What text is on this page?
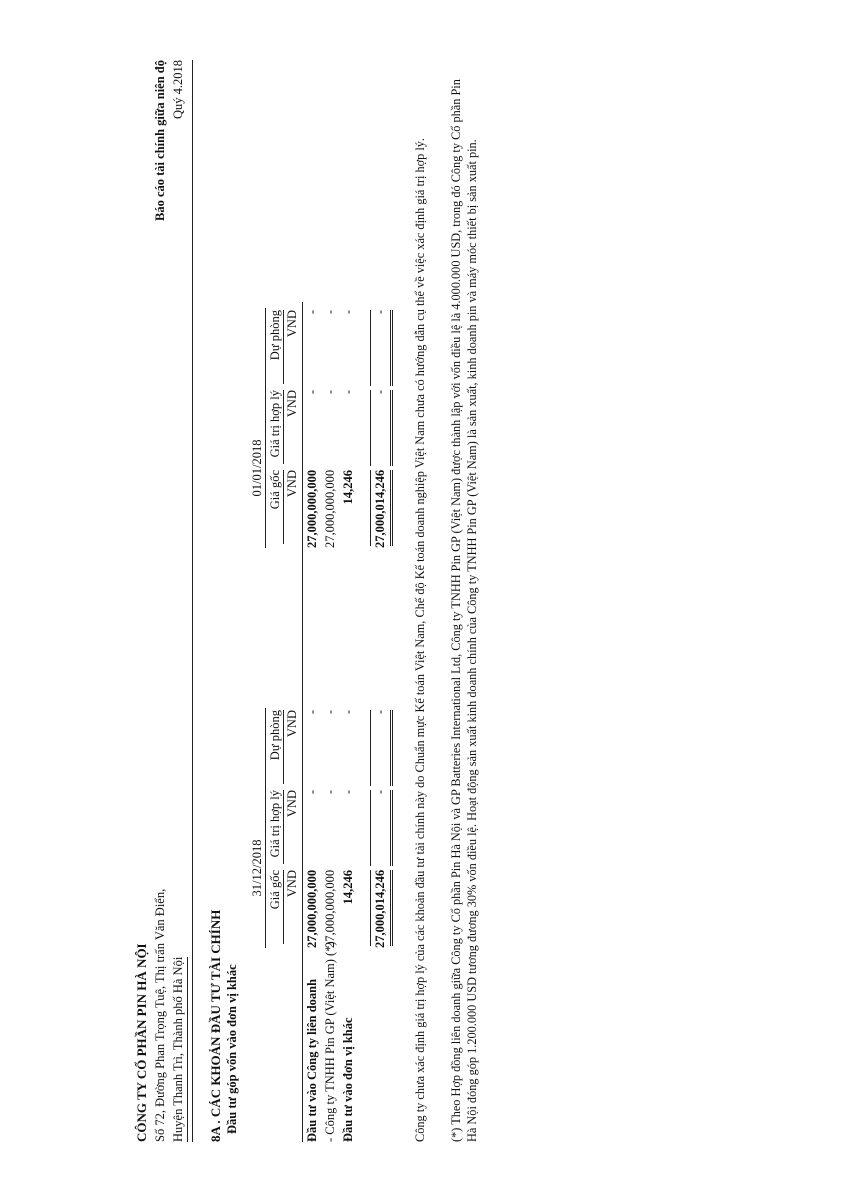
CÔNG TY CỔ PHẦN PIN HÀ NỘI Số 72, Đường Phan Trọng Tuệ, Thị trấn Văn Điển, Huyện Thanh Trì, Thành phố Hà Nội
Báo cáo tài chính giữa niên độ Quý 4.2018
8A . CÁC KHOẢN ĐẦU TƯ TÀI CHÍNH Đầu tư góp vốn vào đơn vị khác
31/12/2018
01/01/2018
Giá gốc VND
Giá trị hợp lý VND
Dự phòng VND
Giá gốc VND
Giá trị hợp lý VND
Dự phòng VND
Đầu tư vào Công ty liên doanh
27,000,000,000
-
-
27,000,000,000
-
-
- Công ty TNHH Pin GP (Việt Nam) (*)
27,000,000,000
-
-
27,000,000,000
-
-
Đầu tư vào đơn vị khác
14,246
-
-
14,246
-
-
27,000,014,246
-
-
27,000,014,246
-
- Công ty chưa xác định giá trị hợp lý của các khoản đầu tư tài chính này do Chuẩn mực Kế toán Việt Nam, Chế độ Kế toán doanh nghiệp Việt Nam chưa có hướng dẫn cụ thể về việc xác định giá trị hợp lý. (*) Theo Hợp đồng liên doanh giữa Công ty Cổ phần Pin Hà Nội và GP Batteries International Ltd, Công ty TNHH Pin GP (Việt Nam) được thành lập với vốn điều lệ là 4.000.000 USD, trong đó Công ty Cổ phần Pin Hà Nội đóng góp 1.200.000 USD tương đương 30% vốn điều lệ. Hoạt động sản xuất kinh doanh chính của Công ty TNHH Pin GP (Việt Nam) là sản xuất, kinh doanh pin và máy móc thiết bị sản xuất pin.
